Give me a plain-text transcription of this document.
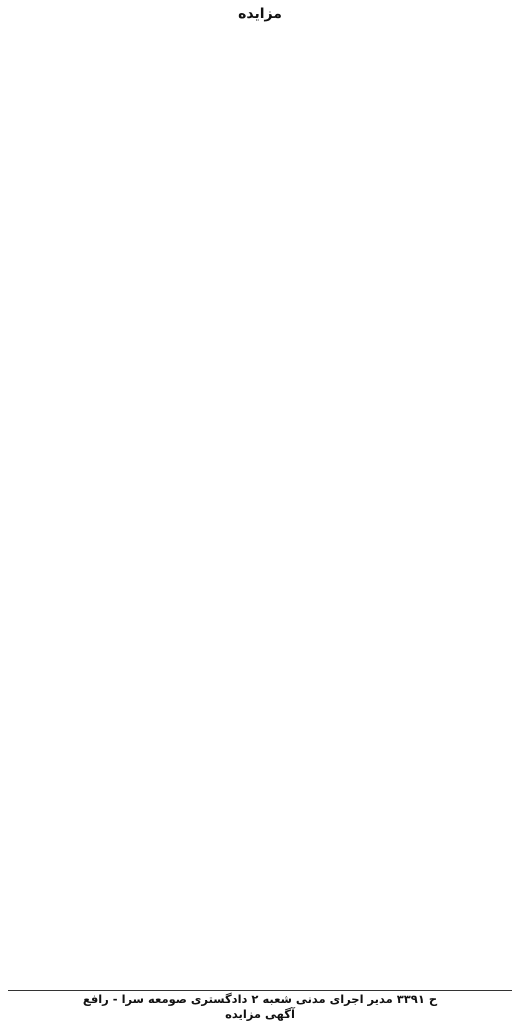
مزایده
ح ۳۳۹۱ مدیر اجرای مدنی شعبه ۲ دادگستری صومعه سرا - رافع
آگهی مزایده
